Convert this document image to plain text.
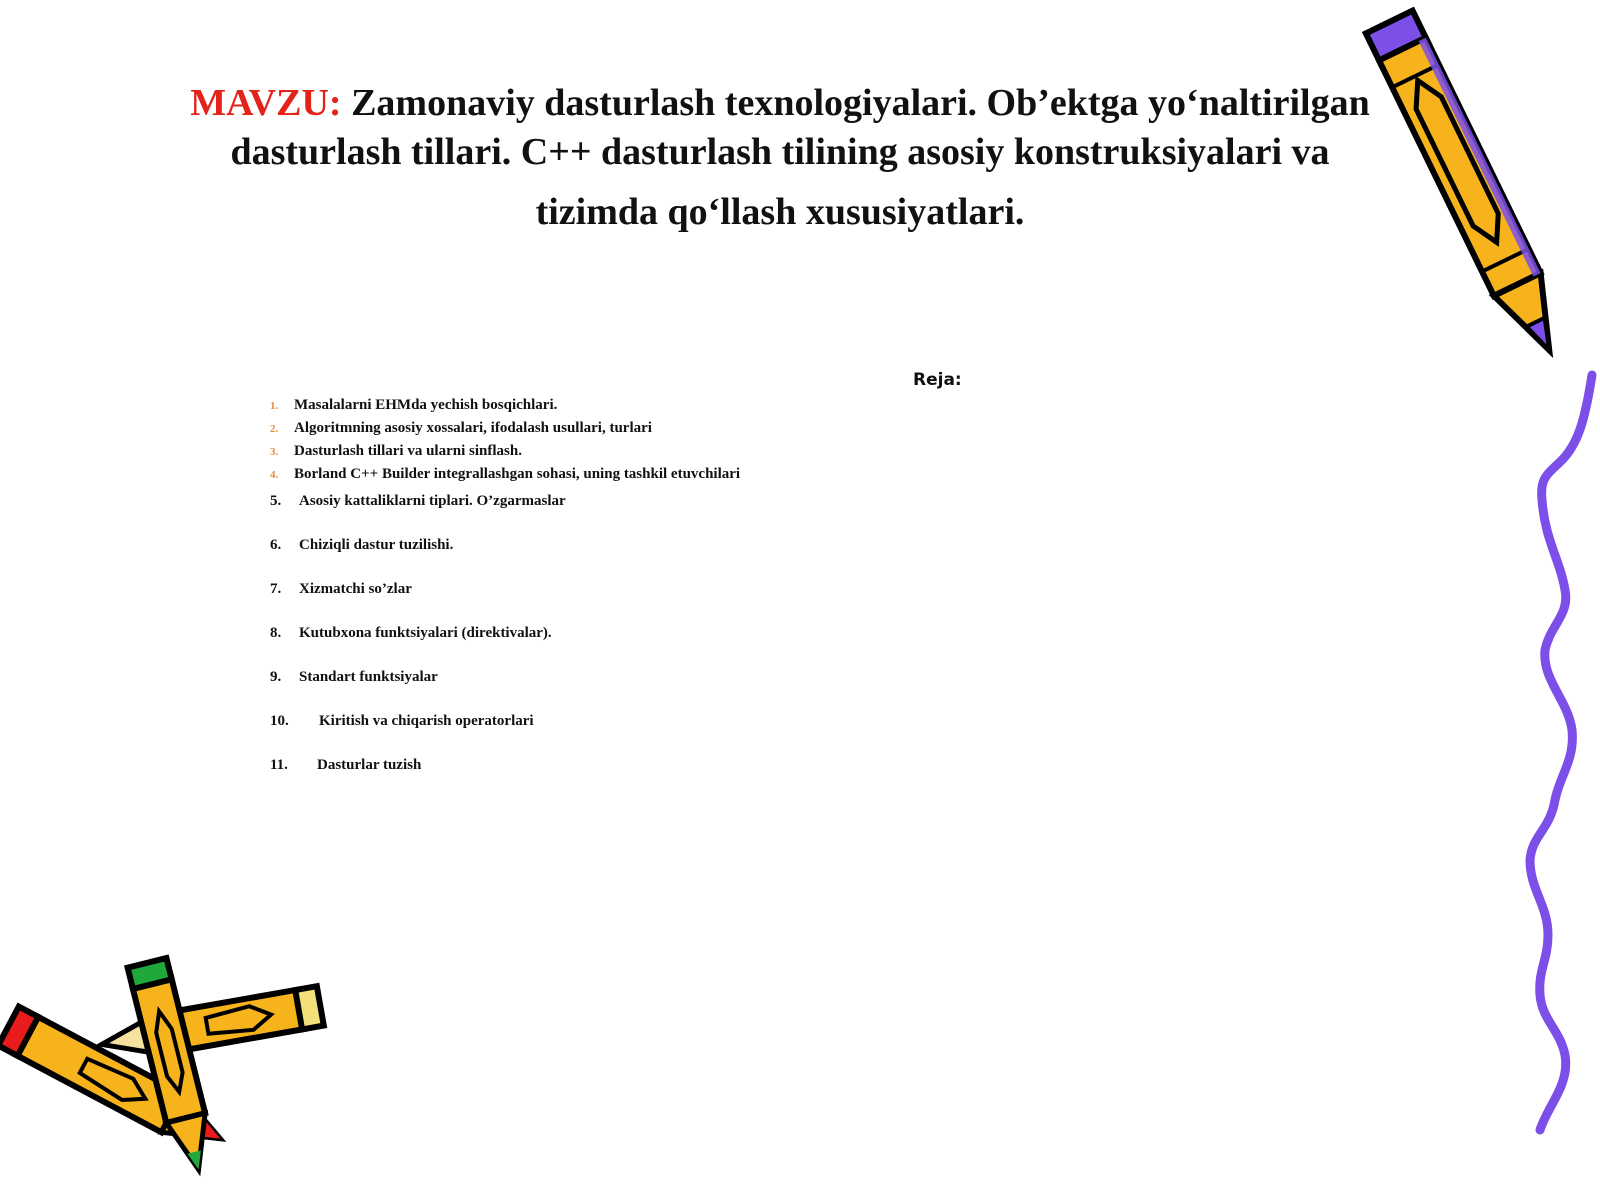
MAVZU: Zamonaviy dasturlash texnologiyalari. Ob’ektga yo‘naltirilgan
dasturlash tillari. C++ dasturlash tilining asosiy konstruksiyalari va
tizimda qo‘llash xususiyatlari.
Reja:
1. Masalalarni EHMda yechish bosqichlari.
2. Algoritmning asosiy xossalari, ifodalash usullari, turlari
3. Dasturlash tillari va ularni sinflash.
4. Borland C++ Builder integrallashgan sohasi, uning tashkil etuvchilari
5. Asosiy kattaliklarni tiplari. O’zgarmaslar
6. Chiziqli dastur tuzilishi.
7. Xizmatchi so’zlar
8. Kutubxona funktsiyalari (direktivalar).
9. Standart funktsiyalar
10. Kiritish va chiqarish operatorlari
11. Dasturlar tuzish
